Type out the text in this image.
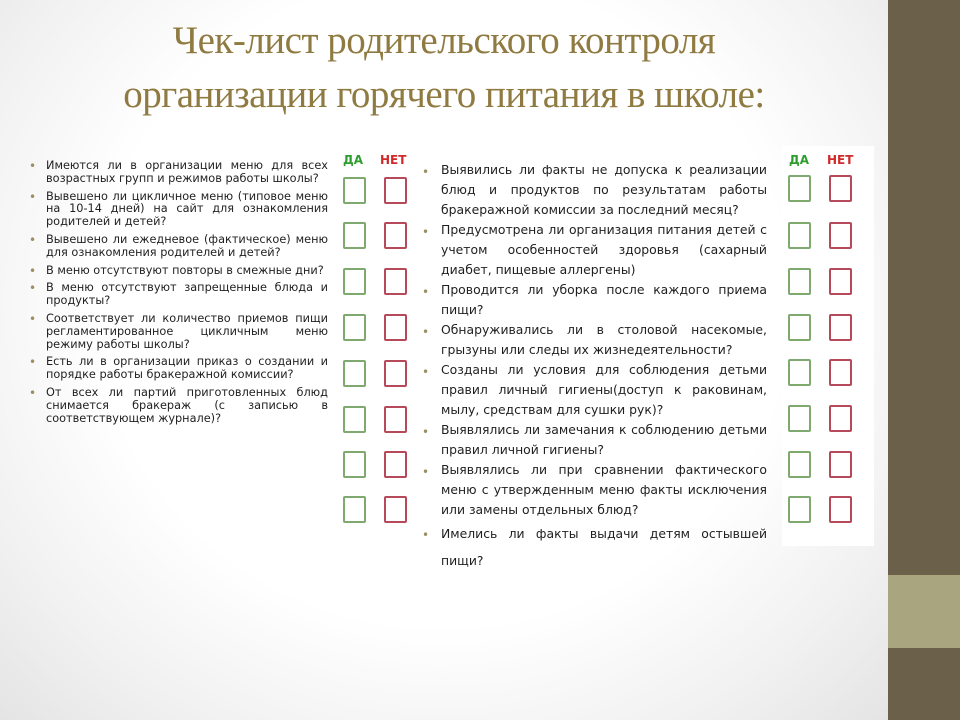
Чек-лист родительского контроля
организации горячего питания в школе:
• Имеются ли в организации меню для всех возрастных групп и режимов работы школы?
• Вывешено ли цикличное меню (типовое меню на 10-14 дней) на сайт для ознакомления родителей и детей?
• Вывешено ли ежедневое (фактическое) меню для ознакомления родителей и детей?
• В меню отсутствуют повторы в смежные дни?
• В меню отсутствуют запрещенные блюда и продукты?
• Соответствует ли количество приемов пищи регламентированное цикличным меню режиму работы школы?
• Есть ли в организации приказ о создании и порядке работы бракеражной комиссии?
• От всех ли партий приготовленных блюд снимается бракераж (с записью в соответствующем журнале)?
ДА НЕТ
• Выявились ли факты не допуска к реализации блюд и продуктов по результатам работы бракеражной комиссии за последний месяц?
• Предусмотрена ли организация питания детей с учетом особенностей здоровья (сахарный диабет, пищевые аллергены)
• Проводится ли уборка после каждого приема пищи?
• Обнаруживались ли в столовой насекомые, грызуны или следы их жизнедеятельности?
• Созданы ли условия для соблюдения детьми правил личный гигиены(доступ к раковинам, мылу, средствам для сушки рук)?
• Выявлялись ли замечания к соблюдению детьми правил личной гигиены?
• Выявлялись ли при сравнении фактического меню с утвержденным меню факты исключения или замены отдельных блюд?
• Имелись ли факты выдачи детям остывшей пищи?
ДА НЕТ
